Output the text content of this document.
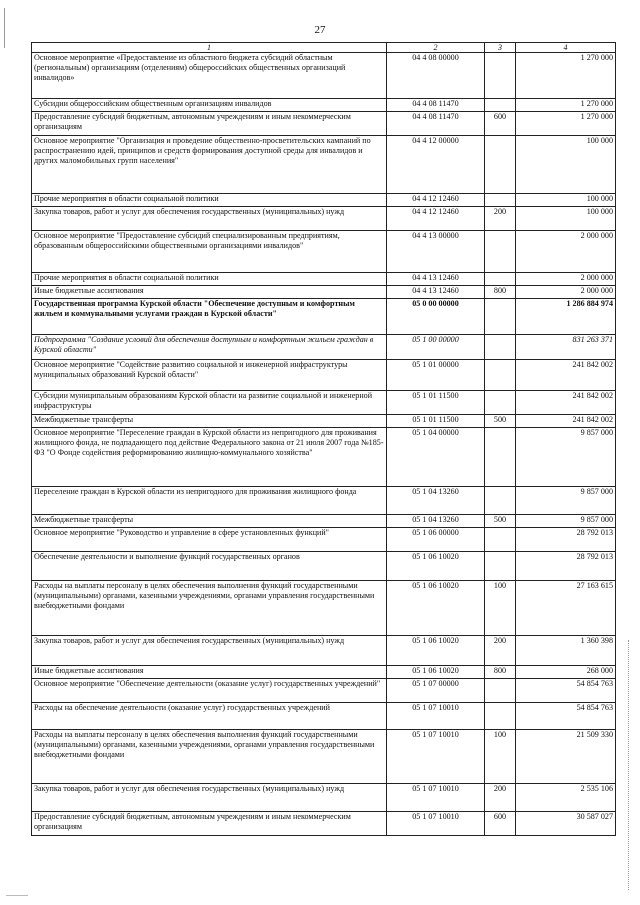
27
1	2	3	4
Основное мероприятие «Предоставление из областного бюджета субсидий областным (региональным) организациям (отделениям) общероссийских общественных организаций инвалидов»	04 4 08 00000		1 270 000
Субсидии общероссийским общественным организациям инвалидов	04 4 08 11470		1 270 000
Предоставление субсидий бюджетным, автономным учреждениям и иным некоммерческим организациям	04 4 08 11470	600	1 270 000
Основное мероприятие "Организация и проведение общественно-просветительских кампаний по распространению идей, принципов и средств формирования доступной среды для инвалидов и других маломобильных групп населения"	04 4 12 00000		100 000
Прочие мероприятия в области социальной политики	04 4 12 12460		100 000
Закупка товаров, работ и услуг для обеспечения государственных (муниципальных) нужд	04 4 12 12460	200	100 000
Основное мероприятие "Предоставление субсидий специализированным предприятиям, образованным общероссийскими общественными организациями инвалидов"	04 4 13 00000		2 000 000
Прочие мероприятия в области социальной политики	04 4 13 12460		2 000 000
Иные бюджетные ассигнования	04 4 13 12460	800	2 000 000
Государственная программа Курской области "Обеспечение доступным и комфортным жильем и коммунальными услугами граждан в Курской области"	05 0 00 00000		1 286 884 974
Подпрограмма "Создание условий для обеспечения доступным и комфортным жильем граждан в Курской области"	05 1 00 00000		831 263 371
Основное мероприятие "Содействие развитию социальной и инженерной инфраструктуры муниципальных образований Курской области"	05 1 01 00000		241 842 002
Субсидии муниципальным образованиям Курской области на развитие социальной и инженерной инфраструктуры	05 1 01 11500		241 842 002
Межбюджетные трансферты	05 1 01 11500	500	241 842 002
Основное мероприятие "Переселение граждан в Курской области из непригодного для проживания жилищного фонда, не подпадающего под действие Федерального закона от 21 июля 2007 года №185-ФЗ "О Фонде содействия реформированию жилищно-коммунального хозяйства"	05 1 04 00000		9 857 000
Переселение граждан в Курской области из непригодного для проживания жилищного фонда	05 1 04 13260		9 857 000
Межбюджетные трансферты	05 1 04 13260	500	9 857 000
Основное мероприятие "Руководство и управление в сфере установленных функций"	05 1 06 00000		28 792 013
Обеспечение деятельности и выполнение функций государственных органов	05 1 06 10020		28 792 013
Расходы на выплаты персоналу в целях обеспечения выполнения функций государственными (муниципальными) органами, казенными учреждениями, органами управления государственными внебюджетными фондами	05 1 06 10020	100	27 163 615
Закупка товаров, работ и услуг для обеспечения государственных (муниципальных) нужд	05 1 06 10020	200	1 360 398
Иные бюджетные ассигнования	05 1 06 10020	800	268 000
Основное мероприятие "Обеспечение деятельности (оказание услуг) государственных учреждений"	05 1 07 00000		54 854 763
Расходы на обеспечение деятельности (оказание услуг) государственных учреждений	05 1 07 10010		54 854 763
Расходы на выплаты персоналу в целях обеспечения выполнения функций государственными (муниципальными) органами, казенными учреждениями, органами управления государственными внебюджетными фондами	05 1 07 10010	100	21 509 330
Закупка товаров, работ и услуг для обеспечения государственных (муниципальных) нужд	05 1 07 10010	200	2 535 106
Предоставление субсидий бюджетным, автономным учреждениям и иным некоммерческим организациям	05 1 07 10010	600	30 587 027
